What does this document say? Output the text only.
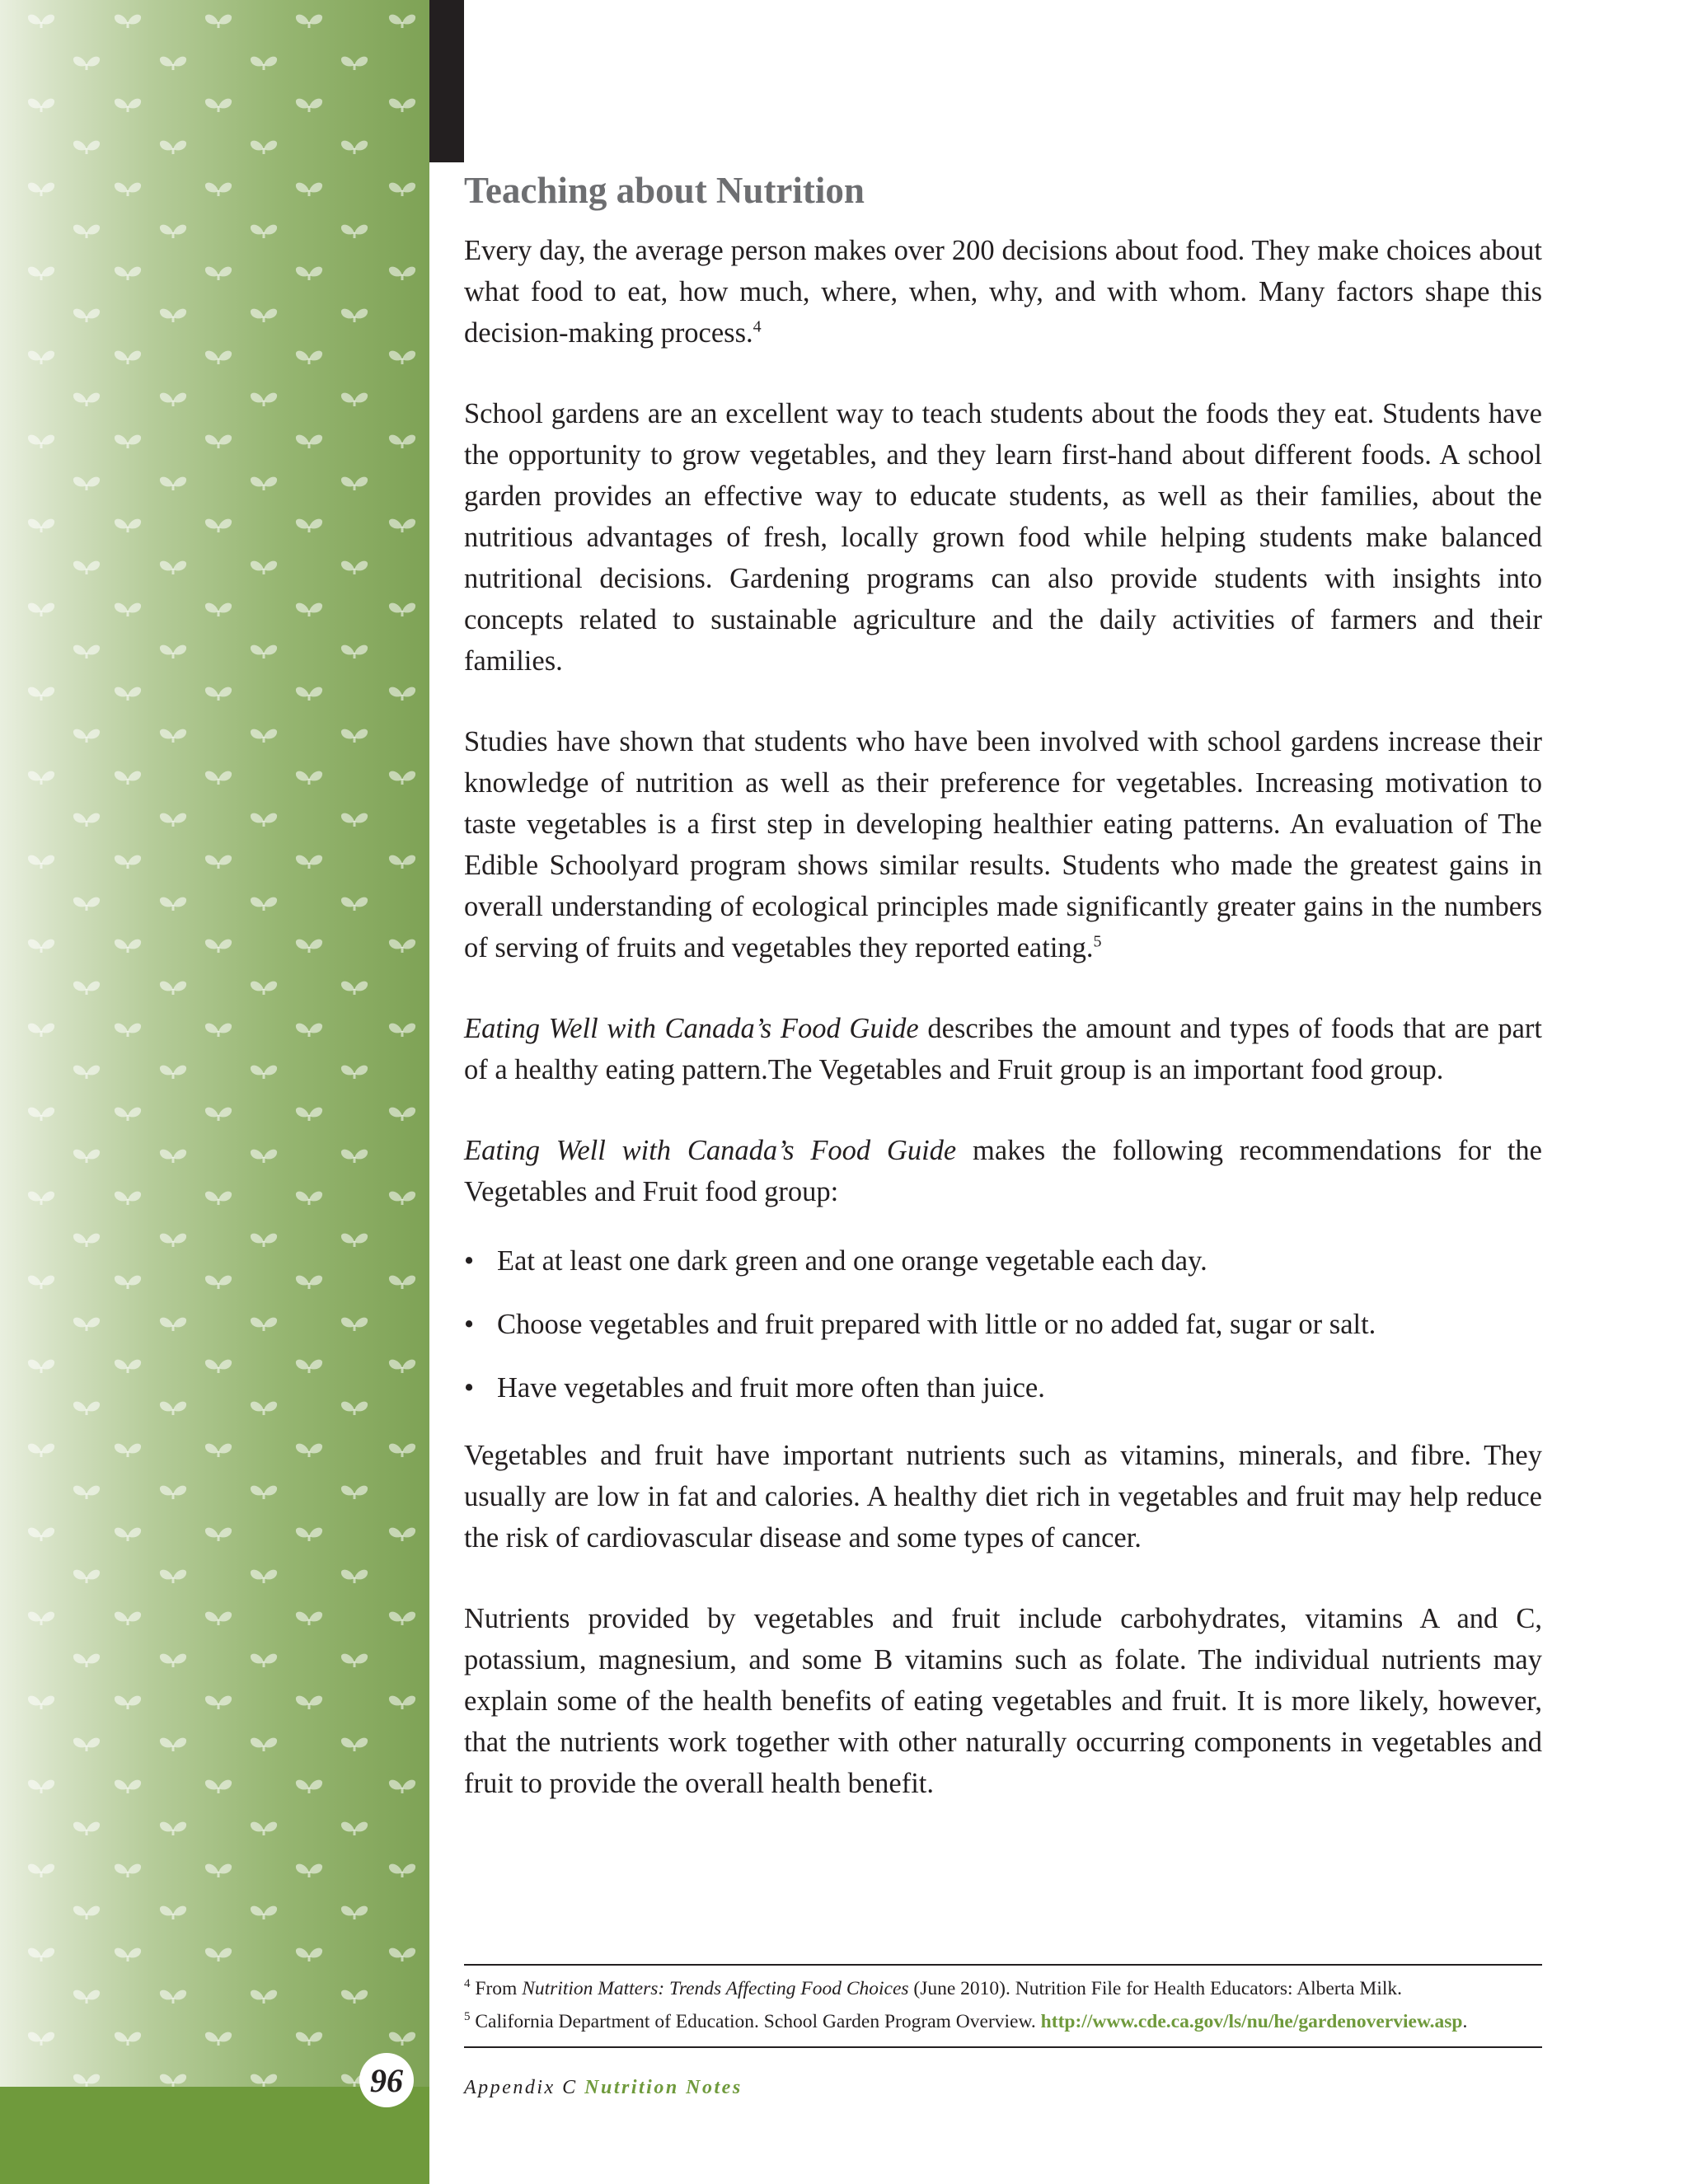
96
Teaching about Nutrition

Every day, the average person makes over 200 decisions about food. They make choices about what food to eat, how much, where, when, why, and with whom. Many factors shape this decision-making process.$^4$

School gardens are an excellent way to teach students about the foods they eat. Students have the opportunity to grow vegetables, and they learn first-hand about different foods. A school garden provides an effective way to educate students, as well as their families, about the nutritious advantages of fresh, locally grown food while helping students make balanced nutritional decisions. Gardening programs can also provide students with insights into concepts related to sustainable agriculture and the daily activities of farmers and their families.

Studies have shown that students who have been involved with school gardens increase their knowledge of nutrition as well as their preference for vegetables. Increasing motivation to taste vegetables is a first step in developing healthier eating patterns. An evaluation of The Edible Schoolyard program shows similar results. Students who made the greatest gains in overall understanding of ecological principles made significantly greater gains in the numbers of serving of fruits and vegetables they reported eating.$^5$

Eating Well with Canada’s Food Guide describes the amount and types of foods that are part of a healthy eating pattern.The Vegetables and Fruit group is an important food group.

Eating Well with Canada’s Food Guide makes the following recommendations for the Vegetables and Fruit food group:

• Eat at least one dark green and one orange vegetable each day.
• Choose vegetables and fruit prepared with little or no added fat, sugar or salt.
• Have vegetables and fruit more often than juice.

Vegetables and fruit have important nutrients such as vitamins, minerals, and fibre. They usually are low in fat and calories. A healthy diet rich in vegetables and fruit may help reduce the risk of cardiovascular disease and some types of cancer.

Nutrients provided by vegetables and fruit include carbohydrates, vitamins A and C, potassium, magnesium, and some B vitamins such as folate. The individual nutrients may explain some of the health benefits of eating vegetables and fruit. It is more likely, however, that the nutrients work together with other naturally occurring components in vegetables and fruit to provide the overall health benefit.

$^4$ From Nutrition Matters: Trends Affecting Food Choices (June 2010). Nutrition File for Health Educators: Alberta Milk.
$^5$ California Department of Education. School Garden Program Overview. http://www.cde.ca.gov/ls/nu/he/gardenoverview.asp.
Appendix C Nutrition Notes
